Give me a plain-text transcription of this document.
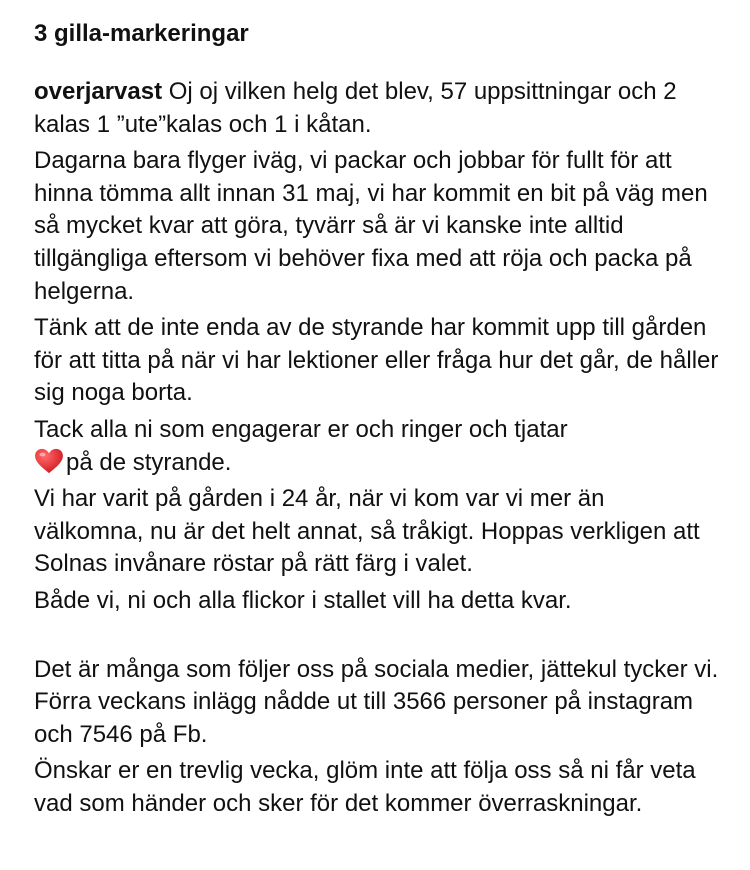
3 gilla-markeringar
overjarvast Oj oj vilken helg det blev, 57 uppsittningar och 2 kalas 1 ”ute”kalas och 1 i kåtan.
Dagarna bara flyger iväg, vi packar och jobbar för fullt för att hinna tömma allt innan 31 maj, vi har kommit en bit på väg men så mycket kvar att göra, tyvärr så är vi kanske inte alltid tillgängliga eftersom vi behöver fixa med att röja och packa på helgerna.
Tänk att de inte enda av de styrande har kommit upp till gården för att titta på när vi har lektioner eller fråga hur det går, de håller sig noga borta.
Tack alla ni som engagerar er och ringer och tjatar
på de styrande.
Vi har varit på gården i 24 år, när vi kom var vi mer än välkomna, nu är det helt annat, så tråkigt. Hoppas verkligen att Solnas invånare röstar på rätt färg i valet.
Både vi, ni och alla flickor i stallet vill ha detta kvar.
Det är många som följer oss på sociala medier, jättekul tycker vi. Förra veckans inlägg nådde ut till 3566 personer på instagram och 7546 på Fb.
Önskar er en trevlig vecka, glöm inte att följa oss så ni får veta vad som händer och sker för det kommer överraskningar.
